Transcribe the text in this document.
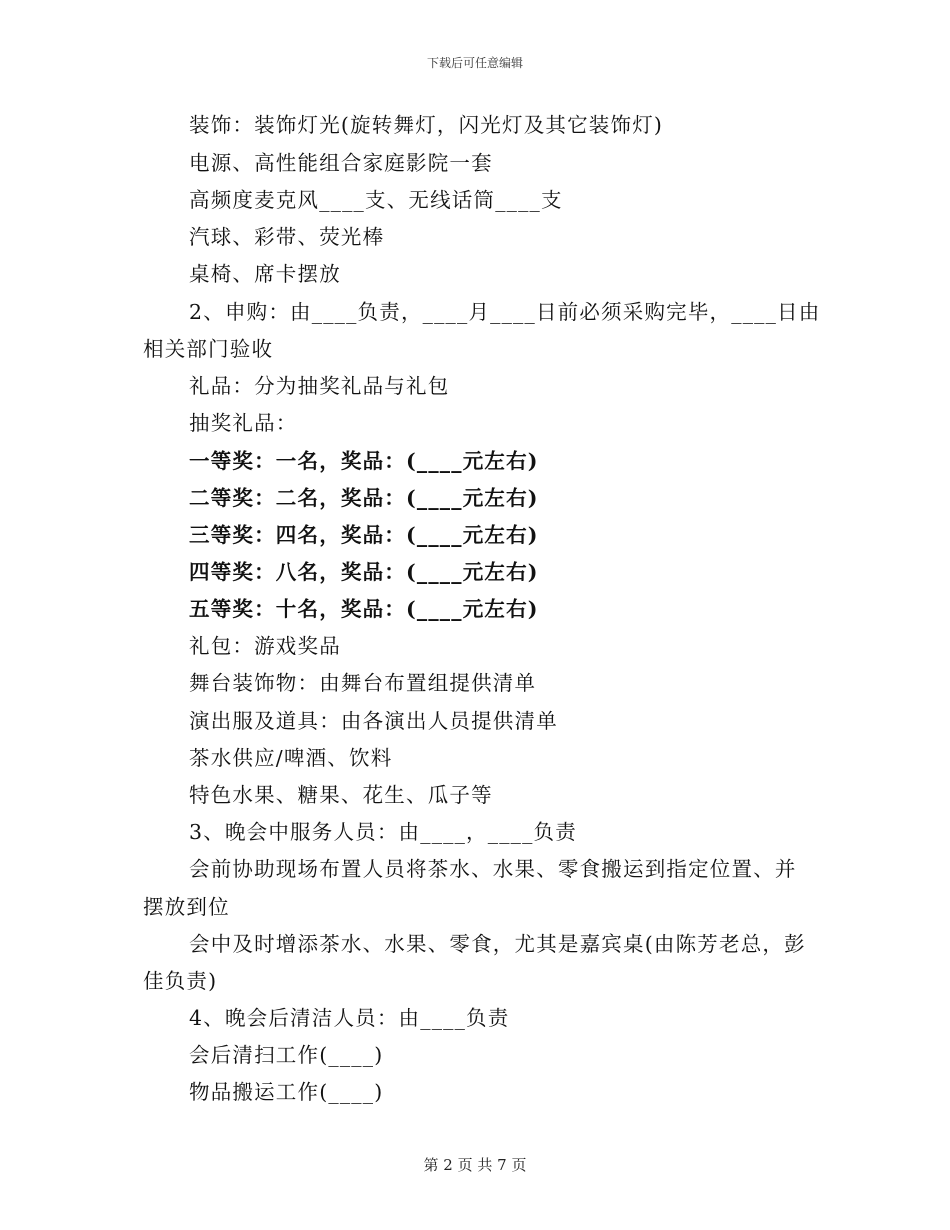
下载后可任意编辑
装饰：装饰灯光(旋转舞灯，闪光灯及其它装饰灯)
电源、高性能组合家庭影院一套
高频度麦克风____支、无线话筒____支
汽球、彩带、荧光棒
桌椅、席卡摆放
2、申购：由____负责，____月____日前必须采购完毕，____日由
相关部门验收
礼品：分为抽奖礼品与礼包
抽奖礼品：
一等奖：一名，奖品：(____元左右)
二等奖：二名，奖品：(____元左右)
三等奖：四名，奖品：(____元左右)
四等奖：八名，奖品：(____元左右)
五等奖：十名，奖品：(____元左右)
礼包：游戏奖品
舞台装饰物：由舞台布置组提供清单
演出服及道具：由各演出人员提供清单
茶水供应/啤酒、饮料
特色水果、糖果、花生、瓜子等
3、晚会中服务人员：由____，____负责
会前协助现场布置人员将茶水、水果、零食搬运到指定位置、并
摆放到位
会中及时增添茶水、水果、零食，尤其是嘉宾桌(由陈芳老总，彭
佳负责)
4、晚会后清洁人员：由____负责
会后清扫工作(____)
物品搬运工作(____)
第 2 页 共 7 页
